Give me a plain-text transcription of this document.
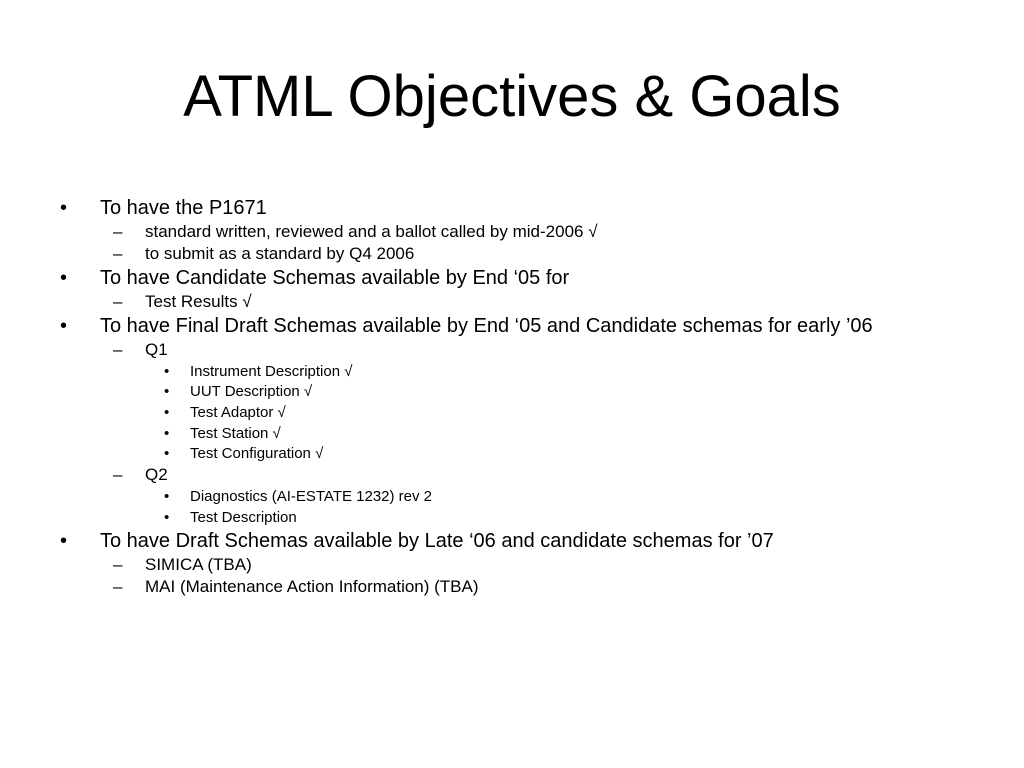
ATML Objectives & Goals
• To have the P1671
– standard written, reviewed and a ballot called by mid-2006 √
– to submit as a standard by Q4 2006
• To have Candidate Schemas available by End ‘05 for
– Test Results √
• To have Final Draft Schemas available by End ‘05 and Candidate schemas for early ’06
– Q1
• Instrument Description √
• UUT Description √
• Test Adaptor √
• Test Station √
• Test Configuration √
– Q2
• Diagnostics (AI-ESTATE 1232) rev 2
• Test Description
• To have Draft Schemas available by Late ‘06 and candidate schemas for ’07
– SIMICA (TBA)
– MAI (Maintenance Action Information) (TBA)
